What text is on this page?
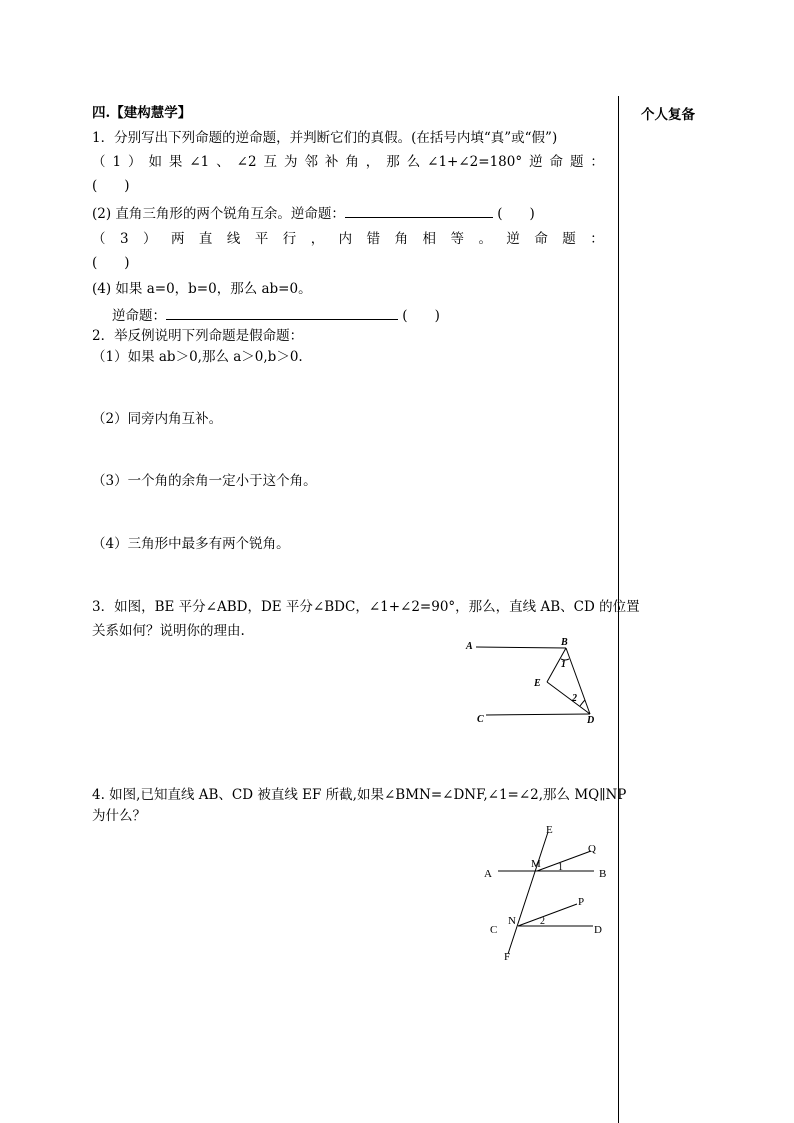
个人复备
四.【建构慧学】
1．分别写出下列命题的逆命题，并判断它们的真假。(在括号内填“真”或“假”)
（ 1 ） 如 果 ∠1 、 ∠2 互 为 邻 补 角 ， 那 么 ∠1+∠2=180° 逆 命 题 ：
(　　)
(2) 直角三角形的两个锐角互余。逆命题：	(　　)
（ 3 ） 两 直 线 平 行 ， 内 错 角 相 等 。 逆 命 题 ：
(　　)
(4) 如果 a=0，b=0，那么 ab=0。
逆命题：	(　　)
2．举反例说明下列命题是假命题：
（1）如果 ab＞0,那么 a＞0,b＞0.
（2）同旁内角互补。
（3）一个角的余角一定小于这个角。
（4）三角形中最多有两个锐角。
3．如图，BE 平分∠ABD，DE 平分∠BDC，∠1+∠2=90°，那么，直线 AB、CD 的位置
关系如何？说明你的理由.
A	B
C	D
E
1
2
4. 如图,已知直线 AB、CD 被直线 EF 所截,如果∠BMN=∠DNF,∠1=∠2,那么 MQ∥NP
为什么？
E
Q
M 1
A	B
P
N 2
C	D
F
